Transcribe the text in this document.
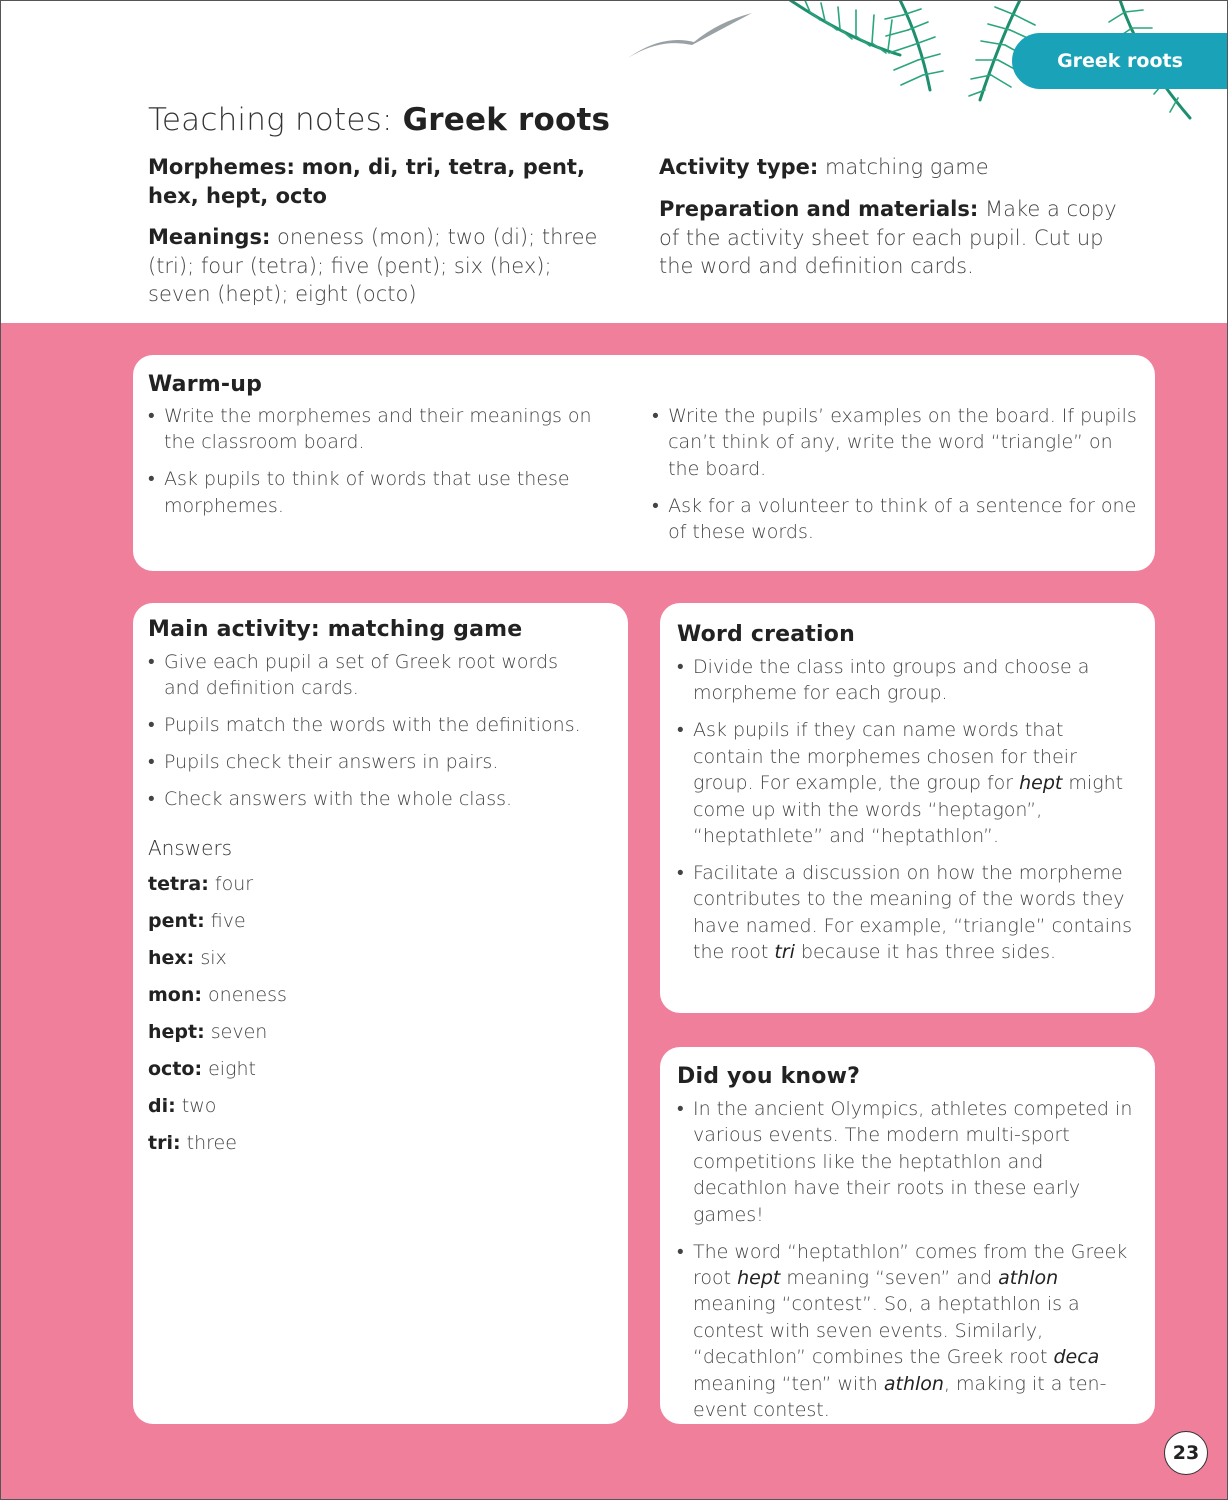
Greek roots
Teaching notes: Greek roots
Morphemes: mon, di, tri, tetra, pent, hex, hept, octo
Meanings: oneness (mon); two (di); three (tri); four (tetra); five (pent); six (hex); seven (hept); eight (octo)
Activity type: matching game
Preparation and materials: Make a copy of the activity sheet for each pupil. Cut up the word and definition cards.
Warm-up
• Write the morphemes and their meanings on the classroom board.
• Ask pupils to think of words that use these morphemes.
• Write the pupils’ examples on the board. If pupils can’t think of any, write the word “triangle” on the board.
• Ask for a volunteer to think of a sentence for one of these words.
Main activity: matching game
• Give each pupil a set of Greek root words and definition cards.
• Pupils match the words with the definitions.
• Pupils check their answers in pairs.
• Check answers with the whole class.
Answers
tetra: four
pent: five
hex: six
mon: oneness
hept: seven
octo: eight
di: two
tri: three
Word creation
• Divide the class into groups and choose a morpheme for each group.
• Ask pupils if they can name words that contain the morphemes chosen for their group. For example, the group for hept might come up with the words “heptagon”, “heptathlete” and “heptathlon”.
• Facilitate a discussion on how the morpheme contributes to the meaning of the words they have named. For example, “triangle” contains the root tri because it has three sides.
Did you know?
• In the ancient Olympics, athletes competed in various events. The modern multi-sport competitions like the heptathlon and decathlon have their roots in these early games!
• The word “heptathlon” comes from the Greek root hept meaning “seven” and athlon meaning “contest”. So, a heptathlon is a contest with seven events. Similarly, “decathlon” combines the Greek root deca meaning “ten” with athlon, making it a ten-event contest.
23
